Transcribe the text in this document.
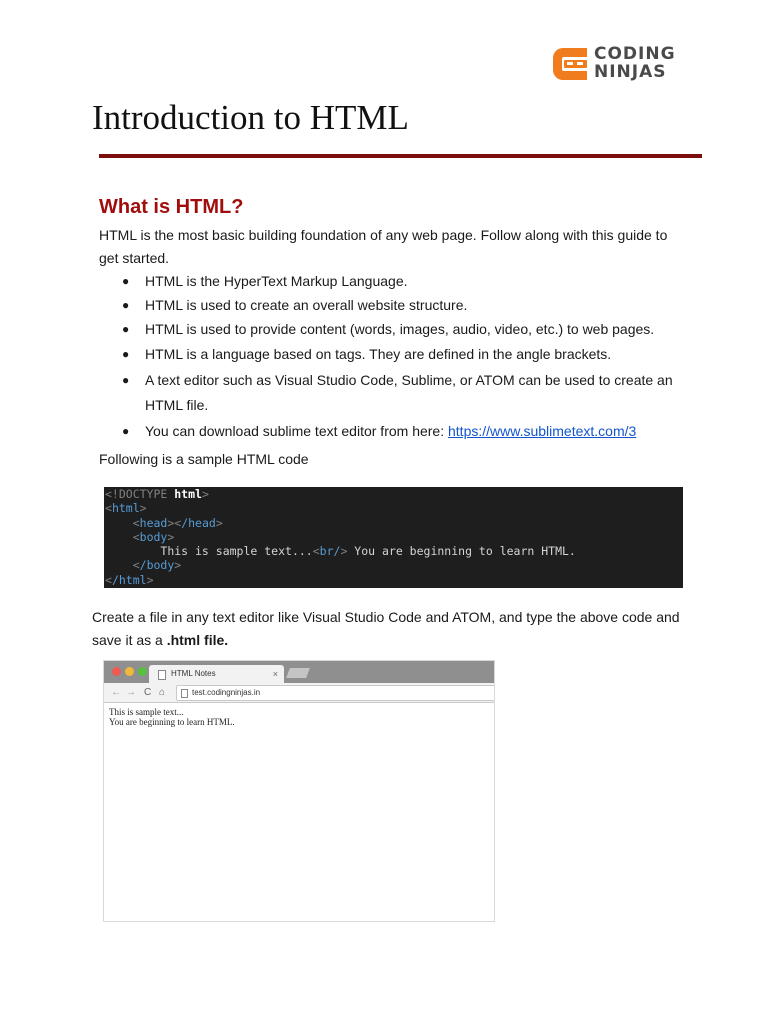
CODING
NINJAS
Introduction to HTML
What is HTML?
HTML is the most basic building foundation of any web page. Follow along with this guide to get started.
● HTML is the HyperText Markup Language.
● HTML is used to create an overall website structure.
● HTML is used to provide content (words, images, audio, video, etc.) to web pages.
● HTML is a language based on tags. They are defined in the angle brackets.
● A text editor such as Visual Studio Code, Sublime, or ATOM can be used to create an HTML file.
● You can download sublime text editor from here: https://www.sublimetext.com/3
Following is a sample HTML code
<!DOCTYPE html>
<html>
<head></head>
<body>
This is sample text...<br/> You are beginning to learn HTML.
</body>
</html>
Create a file in any text editor like Visual Studio Code and ATOM, and type the above code and save it as a .html file.
HTML Notes	×
← → C ⌂	test.codingninjas.in
This is sample text...
You are beginning to learn HTML.
